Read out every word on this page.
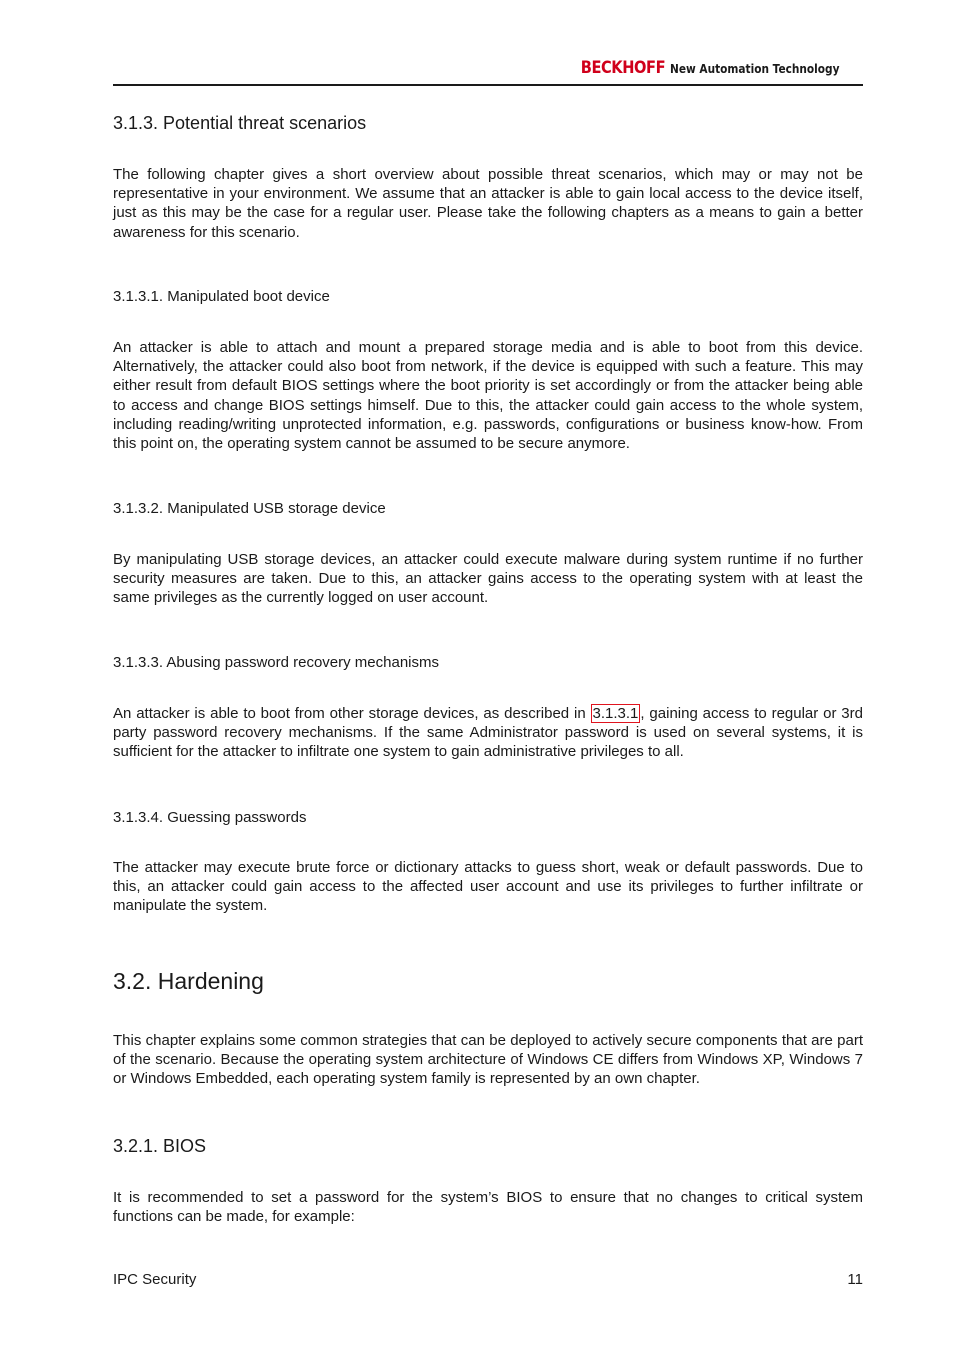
BECKHOFF New Automation Technology
3.1.3. Potential threat scenarios

The following chapter gives a short overview about possible threat scenarios, which may or may not be representative in your environment. We assume that an attacker is able to gain local access to the device itself, just as this may be the case for a regular user. Please take the following chapters as a means to gain a better awareness for this scenario.

3.1.3.1. Manipulated boot device

An attacker is able to attach and mount a prepared storage media and is able to boot from this device. Alternatively, the attacker could also boot from network, if the device is equipped with such a feature. This may either result from default BIOS settings where the boot priority is set accordingly or from the attacker being able to access and change BIOS settings himself. Due to this, the attacker could gain access to the whole system, including reading/writing unprotected information, e.g. passwords, configurations or business know-how. From this point on, the operating system cannot be assumed to be secure anymore.

3.1.3.2. Manipulated USB storage device

By manipulating USB storage devices, an attacker could execute malware during system runtime if no further security measures are taken. Due to this, an attacker gains access to the operating system with at least the same privileges as the currently logged on user account.

3.1.3.3. Abusing password recovery mechanisms

An attacker is able to boot from other storage devices, as described in 3.1.3.1 , gaining access to regular or 3rd party password recovery mechanisms. If the same Administrator password is used on several systems, it is sufficient for the attacker to infiltrate one system to gain administrative privileges to all.

3.1.3.4. Guessing passwords

The attacker may execute brute force or dictionary attacks to guess short, weak or default passwords. Due to this, an attacker could gain access to the affected user account and use its privileges to further infiltrate or manipulate the system.

3.2. Hardening

This chapter explains some common strategies that can be deployed to actively secure components that are part of the scenario. Because the operating system architecture of Windows CE differs from Windows XP, Windows 7 or Windows Embedded, each operating system family is represented by an own chapter.

3.2.1. BIOS

It is recommended to set a password for the system’s BIOS to ensure that no changes to critical system functions can be made, for example:

IPC Security	11
